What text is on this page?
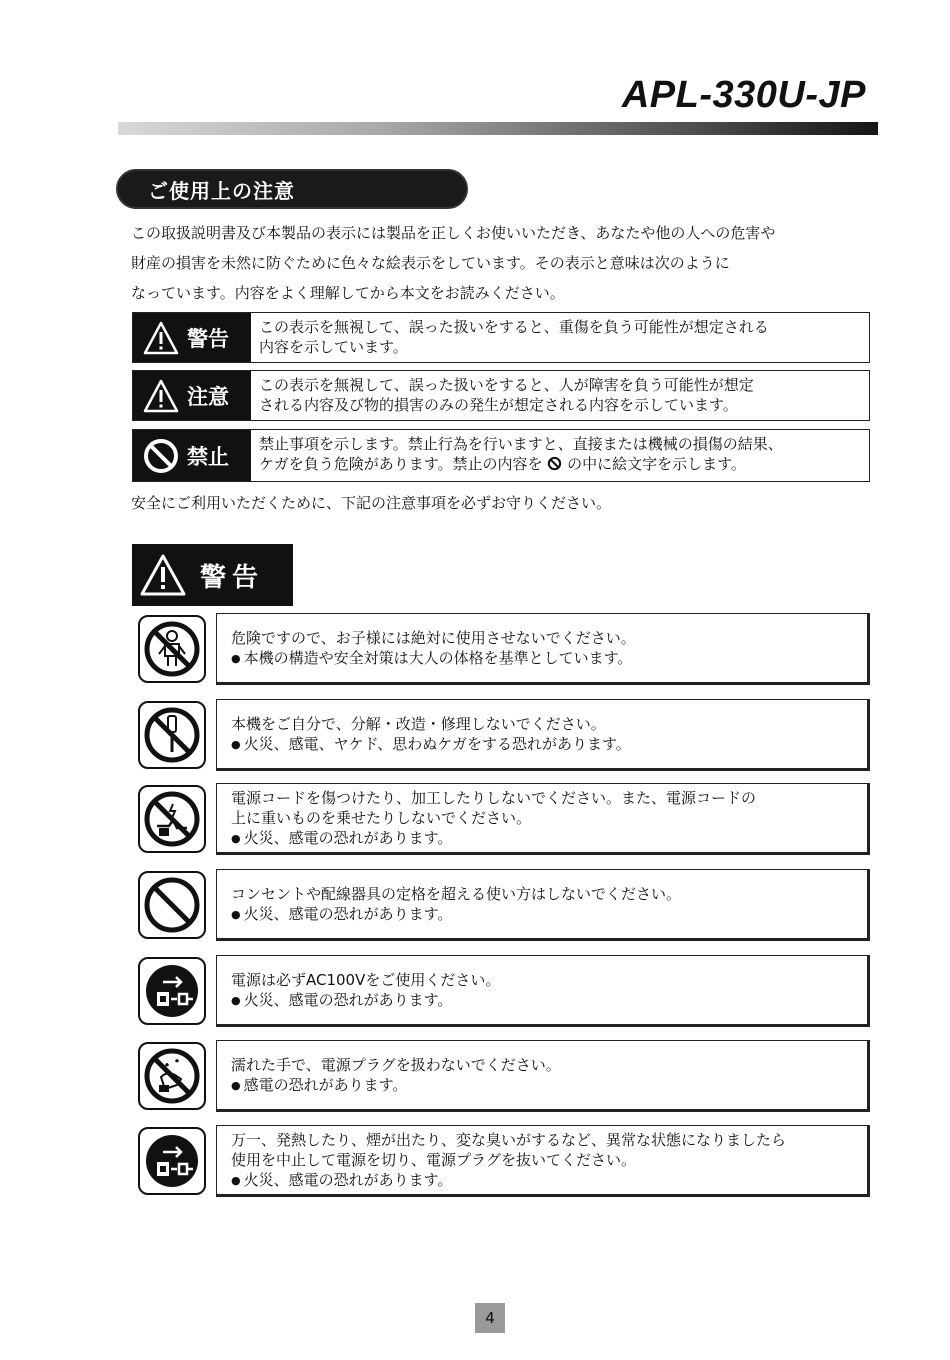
APL-330U-JP
ご使用上の注意
この取扱説明書及び本製品の表示には製品を正しくお使いいただき、あなたや他の人への危害や
財産の損害を未然に防ぐために色々な絵表示をしています。その表示と意味は次のように
なっています。内容をよく理解してから本文をお読みください。
警告 この表示を無視して、誤った扱いをすると、重傷を負う可能性が想定される
内容を示しています。
注意 この表示を無視して、誤った扱いをすると、人が障害を負う可能性が想定
される内容及び物的損害のみの発生が想定される内容を示しています。
禁止
禁止事項を示します。禁止行為を行いますと、直接または機械の損傷の結果、
ケガを負う危険があります。禁止の内容を の中に絵文字を示します。
安全にご利用いただくために、下記の注意事項を必ずお守りください。
警告
危険ですので、お子様には絶対に使用させないでください。
● 本機の構造や安全対策は大人の体格を基準としています。
本機をご自分で、分解・改造・修理しないでください。
● 火災、感電、ヤケド、思わぬケガをする恐れがあります。
電源コードを傷つけたり、加工したりしないでください。また、電源コードの
上に重いものを乗せたりしないでください。
● 火災、感電の恐れがあります。
コンセントや配線器具の定格を超える使い方はしないでください。
● 火災、感電の恐れがあります。
電源は必ずAC100Vをご使用ください。
● 火災、感電の恐れがあります。
濡れた手で、電源プラグを扱わないでください。
● 感電の恐れがあります。
万一、発熱したり、煙が出たり、変な臭いがするなど、異常な状態になりましたら
使用を中止して電源を切り、電源プラグを抜いてください。
● 火災、感電の恐れがあります。
4
